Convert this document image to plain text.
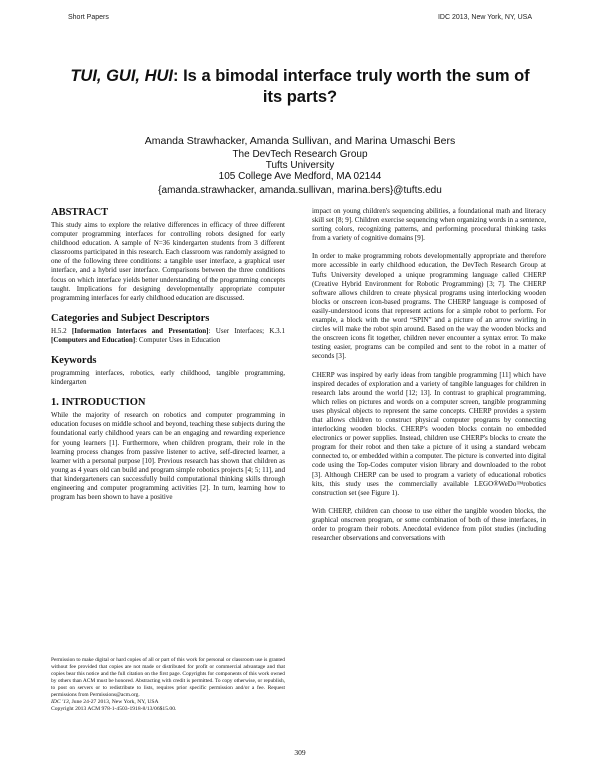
Short Papers	IDC 2013, New York, NY, USA
TUI, GUI, HUI: Is a bimodal interface truly worth the sum of its parts?
Amanda Strawhacker, Amanda Sullivan, and Marina Umaschi Bers
The DevTech Research Group
Tufts University
105 College Ave Medford, MA 02144
{amanda.strawhacker, amanda.sullivan, marina.bers}@tufts.edu
ABSTRACT

This study aims to explore the relative differences in efficacy of three different computer programming interfaces for controlling robots designed for early childhood education. A sample of N=36 kindergarten students from 3 different classrooms participated in this research. Each classroom was randomly assigned to one of the following three conditions: a tangible user interface, a graphical user interface, and a hybrid user interface. Comparisons between the three conditions focus on which interface yields better understanding of the programming concepts taught. Implications for designing developmentally appropriate computer programming interfaces for early childhood education are discussed.

Categories and Subject Descriptors

H.5.2 [Information Interfaces and Presentation]: User Interfaces; K.3.1 [Computers and Education]: Computer Uses in Education

Keywords

programming interfaces, robotics, early childhood, tangible programming, kindergarten

1. INTRODUCTION

While the majority of research on robotics and computer programming in education focuses on middle school and beyond, teaching these subjects during the foundational early childhood years can be an engaging and rewarding experience for young learners [1]. Furthermore, when children program, their role in the learning process changes from passive listener to active, self-directed learner, a learner with a personal purpose [10]. Previous research has shown that children as young as 4 years old can build and program simple robotics projects [4; 5; 11], and that kindergarteners can successfully build computational thinking skills through engineering and computer programming activities [2]. In turn, learning how to program has been shown to have a positive

impact on young children's sequencing abilities, a foundational math and literacy skill set [8; 9]. Children exercise sequencing when organizing words in a sentence, sorting colors, recognizing patterns, and performing procedural thinking tasks from a variety of cognitive domains [9].

In order to make programming robots developmentally appropriate and therefore more accessible in early childhood education, the DevTech Research Group at Tufts University developed a unique programming language called CHERP (Creative Hybrid Environment for Robotic Programming) [3; 7]. The CHERP software allows children to create physical programs using interlocking wooden blocks or onscreen icon-based programs. The CHERP language is composed of easily-understood icons that represent actions for a simple robot to perform. For example, a block with the word “SPIN” and a picture of an arrow swirling in circles will make the robot spin around. Based on the way the wooden blocks and the onscreen icons fit together, children never encounter a syntax error. To make testing easier, programs can be compiled and sent to the robot in a matter of seconds [3].

CHERP was inspired by early ideas from tangible programming [11] which have inspired decades of exploration and a variety of tangible languages for children in research labs around the world [12; 13]. In contrast to graphical programming, which relies on pictures and words on a computer screen, tangible programming uses physical objects to represent the same concepts. CHERP provides a system that allows children to construct physical computer programs by connecting interlocking wooden blocks. CHERP's wooden blocks contain no embedded electronics or power supplies. Instead, children use CHERP's blocks to create the program for their robot and then take a picture of it using a standard webcam connected to, or embedded within a computer. The picture is converted into digital code using the Top-Codes computer vision library and downloaded to the robot [3]. Although CHERP can be used to program a variety of educational robotics kits, this study uses the commercially available LEGO®WeDo™robotics construction set (see Figure 1).

With CHERP, children can choose to use either the tangible wooden blocks, the graphical onscreen program, or some combination of both of these interfaces, in order to program their robots. Anecdotal evidence from pilot studies (including researcher observations and conversations with

Permission to make digital or hard copies of all or part of this work for personal or classroom use is granted without fee provided that copies are not made or distributed for profit or commercial advantage and that copies bear this notice and the full citation on the first page. Copyrights for components of this work owned by others than ACM must be honored. Abstracting with credit is permitted. To copy otherwise, or republish, to post on servers or to redistribute to lists, requires prior specific permission and/or a fee. Request permissions from Permissions@acm.org.

IDC '13, June 24-27 2013, New York, NY, USA

Copyright 2013 ACM 978-1-4503-1918-8/13/06$15.00.

309
